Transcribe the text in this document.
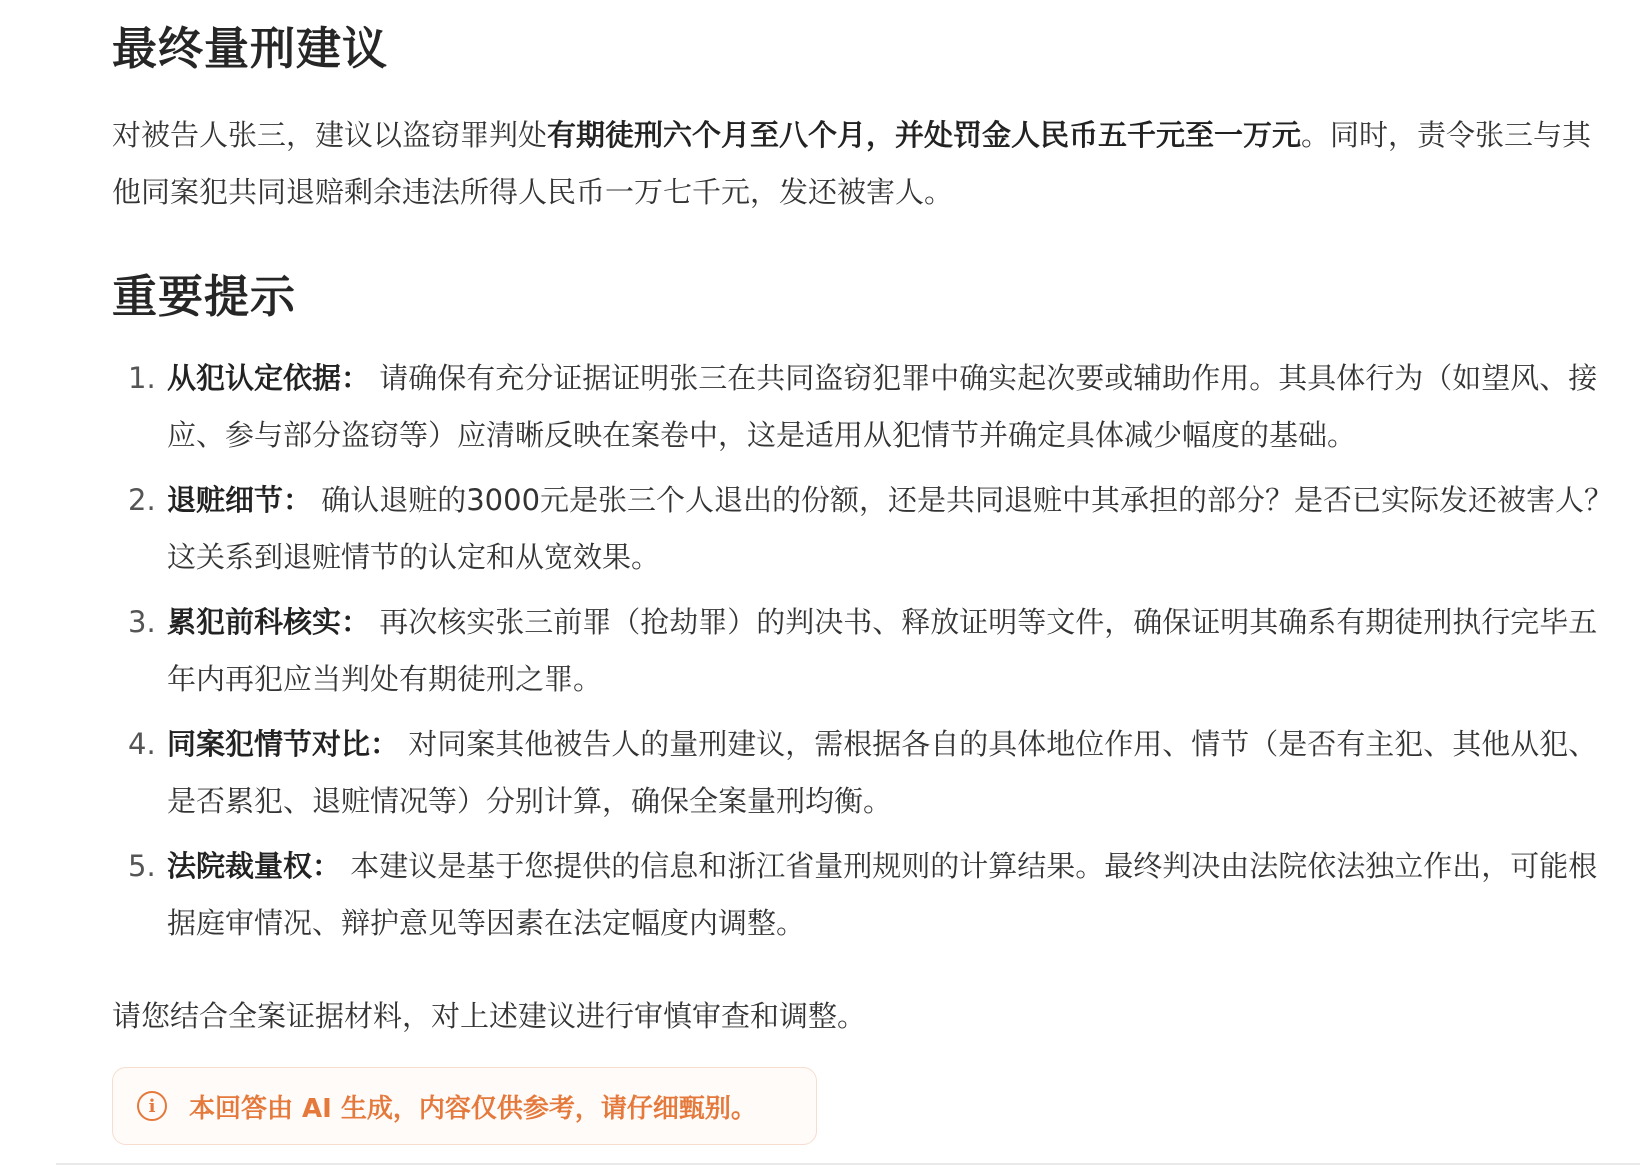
最终量刑建议
对被告人张三，建议以盗窃罪判处有期徒刑六个月至八个月，并处罚金人民币五千元至一万元。同时，责令张三与其他同案犯共同退赔剩余违法所得人民币一万七千元，发还被害人。
重要提示
1. 从犯认定依据： 请确保有充分证据证明张三在共同盗窃犯罪中确实起次要或辅助作用。其具体行为（如望风、接应、参与部分盗窃等）应清晰反映在案卷中，这是适用从犯情节并确定具体减少幅度的基础。
2. 退赃细节： 确认退赃的3000元是张三个人退出的份额，还是共同退赃中其承担的部分？是否已实际发还被害人？这关系到退赃情节的认定和从宽效果。
3. 累犯前科核实： 再次核实张三前罪（抢劫罪）的判决书、释放证明等文件，确保证明其确系有期徒刑执行完毕五年内再犯应当判处有期徒刑之罪。
4. 同案犯情节对比： 对同案其他被告人的量刑建议，需根据各自的具体地位作用、情节（是否有主犯、其他从犯、是否累犯、退赃情况等）分别计算，确保全案量刑均衡。
5. 法院裁量权： 本建议是基于您提供的信息和浙江省量刑规则的计算结果。最终判决由法院依法独立作出，可能根据庭审情况、辩护意见等因素在法定幅度内调整。
请您结合全案证据材料，对上述建议进行审慎审查和调整。
i	本回答由 AI 生成，内容仅供参考，请仔细甄别。
